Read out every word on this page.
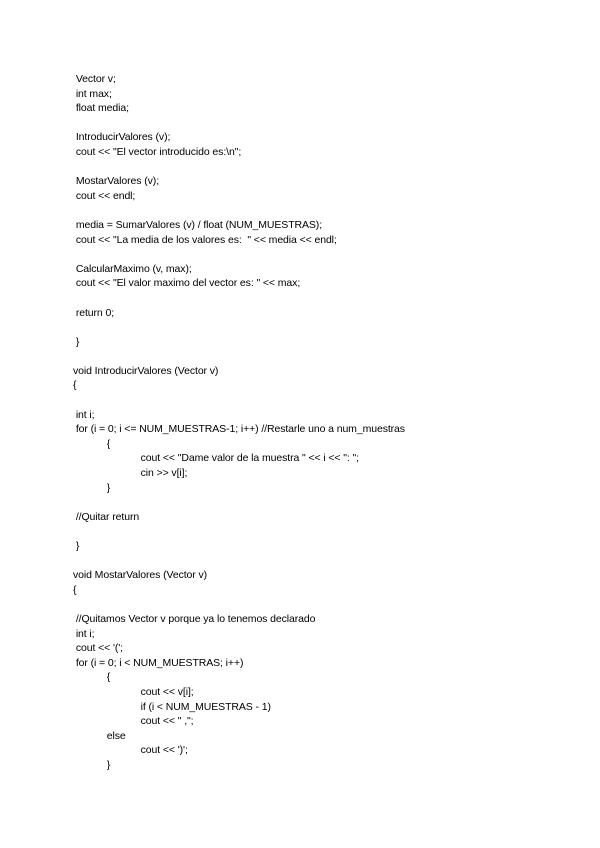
Vector v;
int max;
float media;
IntroducirValores (v);
cout << "El vector introducido es:\n";
MostarValores (v);
cout << endl;
media = SumarValores (v) / float (NUM_MUESTRAS);
cout << "La media de los valores es:  " << media << endl;
CalcularMaximo (v, max);
cout << "El valor maximo del vector es: " << max;
return 0;
}
void IntroducirValores (Vector v)
{
int i;
for (i = 0; i <= NUM_MUESTRAS-1; i++) //Restarle uno a num_muestras
{
cout << "Dame valor de la muestra " << i << ": ";
cin >> v[i];
}
//Quitar return
}
void MostarValores (Vector v)
{
//Quitamos Vector v porque ya lo tenemos declarado
int i;
cout << '(';
for (i = 0; i < NUM_MUESTRAS; i++)
{
cout << v[i];
if (i < NUM_MUESTRAS - 1)
cout << " ,";
else
cout << ')';
}
